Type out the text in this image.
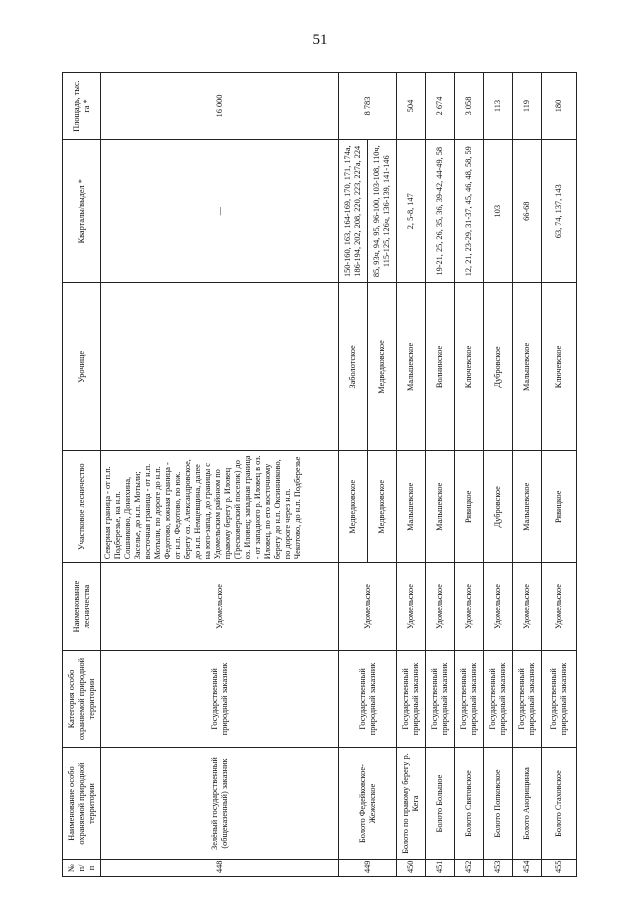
51
№ п/п	Наименование особо охраняемой природной территории	Категория особо охраняемой природной территории	Наименование лесничества	Участковое лесничество	Урочище	Кварталы/выдел *	Площадь, тыс. га *
448	Зелёный государственный (общеказенный) заказник	Государственный природный заказник	Удомельское	Северная граница - от п.п. Подберезье, на н.п. Сошниково, Донихина, Заселье, до н.п. Мотыли; восточная граница - от н.п. Мотыли, по дороге до н.п. Федотово, южная граница - от н.п. Федотово, по юж. берегу оз. Александровское, до н.п. Немцевщина, далее на юго-запад, до границы с Удомельским районом по правому берегу р. Иловец (Тресковерский поселок) до оз. Иловец; западная граница - от западного р. Иловец в оз. Иловец, по его восточному берегу до н.п. Оксинниково, по дороге через н.п. Чекотово, до н.п. Подберезье		—	16 000
449	Болото Федейковское-Жеженское	Государственный природный заказник	Удомельское	Медведковское	Заболотское	150-160, 163, 164-169, 170, 171, 174а, 186-194, 202, 208, 220, 223, 227а, 224	8 783
				Медведковское	Медведковское	85, 93ч, 94, 95, 96-100, 103-108, 110ч, 115-125, 126ч, 136-139, 141-146	
450	Болото по правому берегу р. Кега	Государственный природный заказник	Удомельское	Мальшевское	Мальшевское	2, 5-8, 147	504
451	Болото Большое	Государственный природный заказник	Удомельское	Мальшевское	Волнинское	19-21, 25, 26, 35, 36, 39-42, 44-49, 58	2 674
452	Болото Святовское	Государственный природный заказник	Удомельское	Рявицкое	Ключевское	12, 21, 23-29, 31-37, 45, 46, 48, 58, 59	3 058
453	Болото Попковское	Государственный природный заказник	Удомельское	Дубровское	Дубровское	103	113
454	Болото Анорищинка	Государственный природный заказник	Удомельское	Мальшевское	Мальшевское	66-68	119
455	Болото Стаховское	Государственный природный заказник	Удомельское	Рявицкое	Ключевское	63, 74, 137, 143	180
